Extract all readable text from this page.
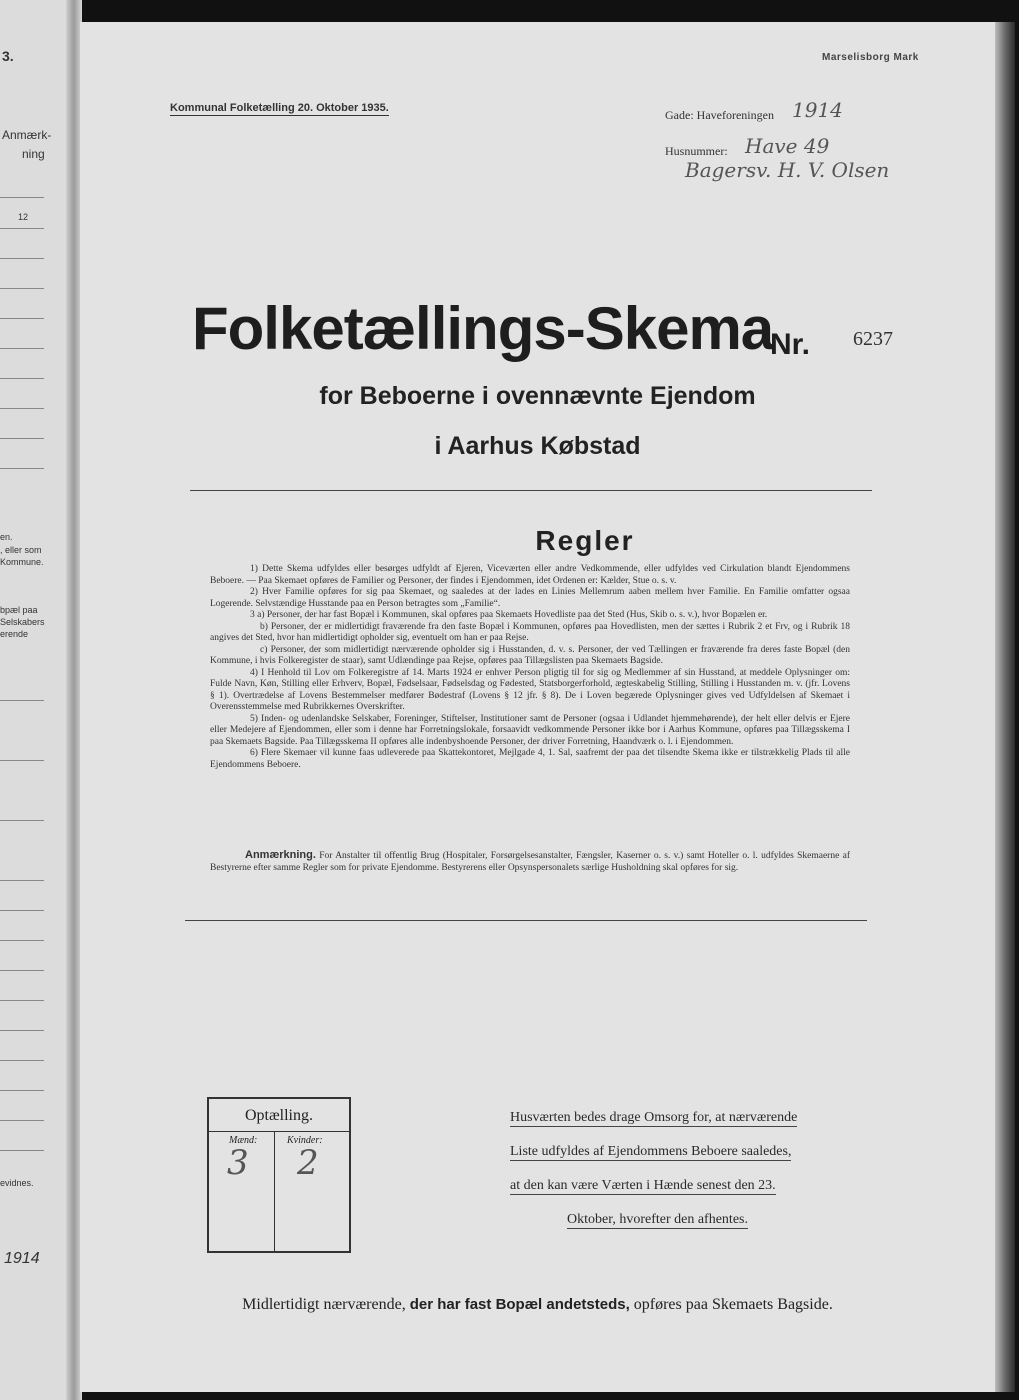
3.
Anmærk-
ning
12
en.
, eller som
Kommune.
bpæl paa
Selskabers
erende
evidnes.
1914
Marselisborg Mark
Kommunal Folketælling 20. Oktober 1935.	Gade: Haveforeningen 1914
Husnummer: Have 49
Bagersv. H. V. Olsen
Folketællings-Skema
Nr. 6237
for Beboerne i ovennævnte Ejendom
i Aarhus Købstad
Regler

1) Dette Skema udfyldes eller besørges udfyldt af Ejeren, Viceværten eller andre Vedkommende, eller udfyldes ved Cirkulation blandt Ejendommens Beboere. — Paa Skemaet opføres de Familier og Personer, der findes i Ejendommen, idet Ordenen er: Kælder, Stue o. s. v.

2) Hver Familie opføres for sig paa Skemaet, og saaledes at der lades en Linies Mellemrum aaben mellem hver Familie. En Familie omfatter ogsaa Logerende. Selvstændige Husstande paa en Person betragtes som „Familie“.

3 a) Personer, der har fast Bopæl i Kommunen, skal opføres paa Skemaets Hovedliste paa det Sted (Hus, Skib o. s. v.), hvor Bopælen er.

b) Personer, der er midlertidigt fraværende fra den faste Bopæl i Kommunen, opføres paa Hovedlisten, men der sættes i Rubrik 2 et Frv, og i Rubrik 18 angives det Sted, hvor han midlertidigt opholder sig, eventuelt om han er paa Rejse.

c) Personer, der som midlertidigt nærværende opholder sig i Husstanden, d. v. s. Personer, der ved Tællingen er fraværende fra deres faste Bopæl (den Kommune, i hvis Folkeregister de staar), samt Udlændinge paa Rejse, opføres paa Tillægslisten paa Skemaets Bagside.

4) I Henhold til Lov om Folkeregistre af 14. Marts 1924 er enhver Person pligtig til for sig og Medlemmer af sin Husstand, at meddele Oplysninger om: Fulde Navn, Køn, Stilling eller Erhverv, Bopæl, Fødselsaar, Fødselsdag og Fødested, Statsborgerforhold, ægteskabelig Stilling, Stilling i Husstanden m. v. (jfr. Lovens § 1). Overtrædelse af Lovens Bestemmelser medfører Bødestraf (Lovens § 12 jfr. § 8). De i Loven begærede Oplysninger gives ved Udfyldelsen af Skemaet i Overensstemmelse med Rubrikkernes Overskrifter.

5) Inden- og udenlandske Selskaber, Foreninger, Stiftelser, Institutioner samt de Personer (ogsaa i Udlandet hjemmehørende), der helt eller delvis er Ejere eller Medejere af Ejendommen, eller som i denne har Forretningslokale, forsaavidt vedkommende Personer ikke bor i Aarhus Kommune, opføres paa Tillægsskema I paa Skemaets Bagside. Paa Tillægsskema II opføres alle indenbyshoende Personer, der driver Forretning, Haandværk o. l. i Ejendommen.

6) Flere Skemaer vil kunne faas udleverede paa Skattekontoret, Mejlgade 4, 1. Sal, saafremt der paa det tilsendte Skema ikke er tilstrækkelig Plads til alle Ejendommens Beboere.

Anmærkning. For Anstalter til offentlig Brug (Hospitaler, Forsørgelsesanstalter, Fængsler, Kaserner o. s. v.) samt Hoteller o. l. udfyldes Skemaerne af Bestyrerne efter samme Regler som for private Ejendomme. Bestyrerens eller Opsynspersonalets særlige Husholdning skal opføres for sig.

Optælling.
Mænd:	Kvinder:
3 2
Husværten bedes drage Omsorg for, at nærværende
Liste udfyldes af Ejendommens Beboere saaledes,
at den kan være Værten i Hænde senest den 23.
Oktober, hvorefter den afhentes.
Midlertidigt nærværende, der har fast Bopæl andetsteds, opføres paa Skemaets Bagside.
